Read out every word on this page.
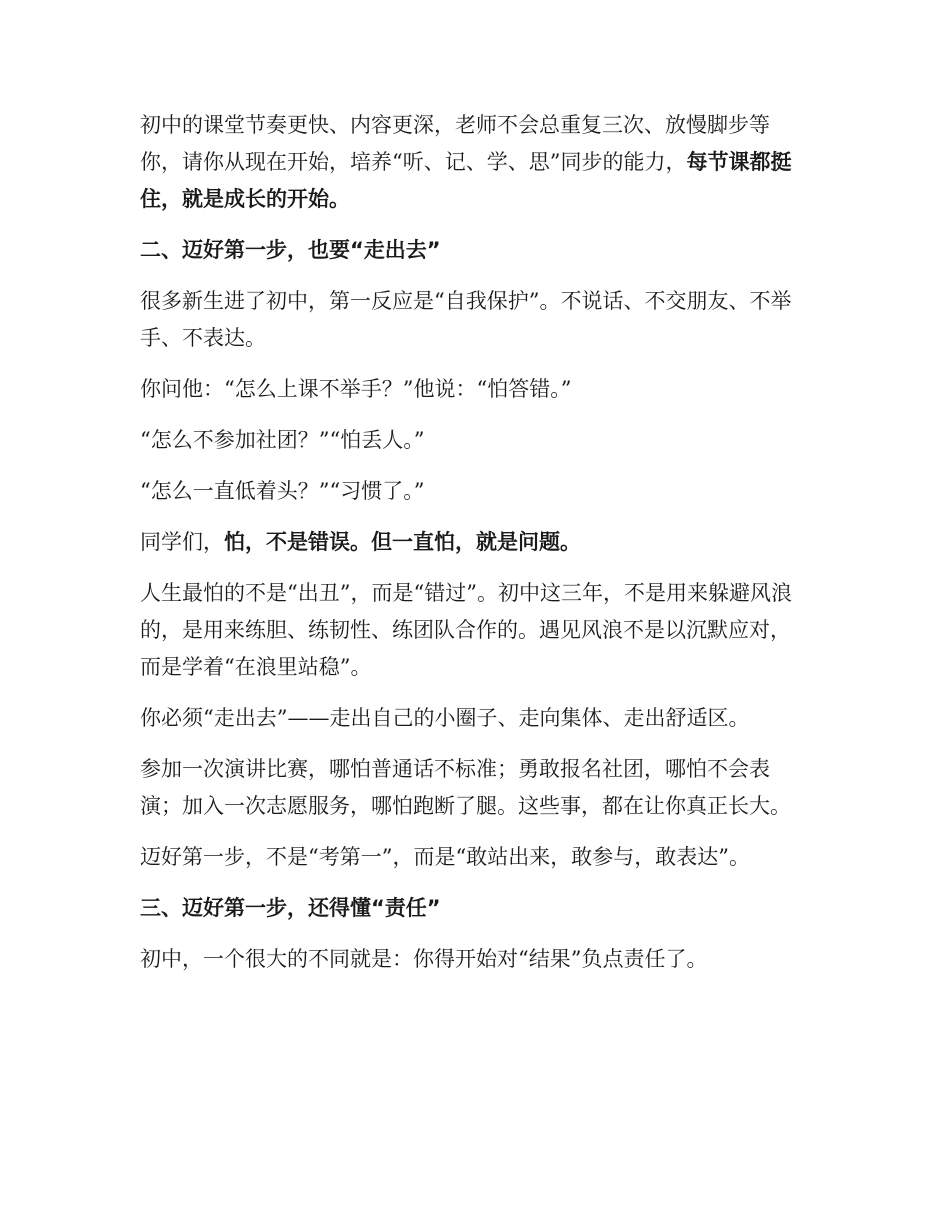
初中的课堂节奏更快、内容更深，老师不会总重复三次、放慢脚步等你，请你从现在开始，培养“听、记、学、思”同步的能力，每节课都挺住，就是成长的开始。

二、迈好第一步，也要“走出去”

很多新生进了初中，第一反应是“自我保护”。不说话、不交朋友、不举手、不表达。

你问他：“怎么上课不举手？”他说：“怕答错。”

“怎么不参加社团？”“怕丢人。”

“怎么一直低着头？”“习惯了。”

同学们，怕，不是错误。但一直怕，就是问题。

人生最怕的不是“出丑”，而是“错过”。初中这三年，不是用来躲避风浪的，是用来练胆、练韧性、练团队合作的。遇见风浪不是以沉默应对，而是学着“在浪里站稳”。

你必须“走出去”——走出自己的小圈子、走向集体、走出舒适区。

参加一次演讲比赛，哪怕普通话不标准；勇敢报名社团，哪怕不会表演；加入一次志愿服务，哪怕跑断了腿。这些事，都在让你真正长大。

迈好第一步，不是“考第一”，而是“敢站出来，敢参与，敢表达”。

三、迈好第一步，还得懂“责任”

初中，一个很大的不同就是：你得开始对“结果”负点责任了。
